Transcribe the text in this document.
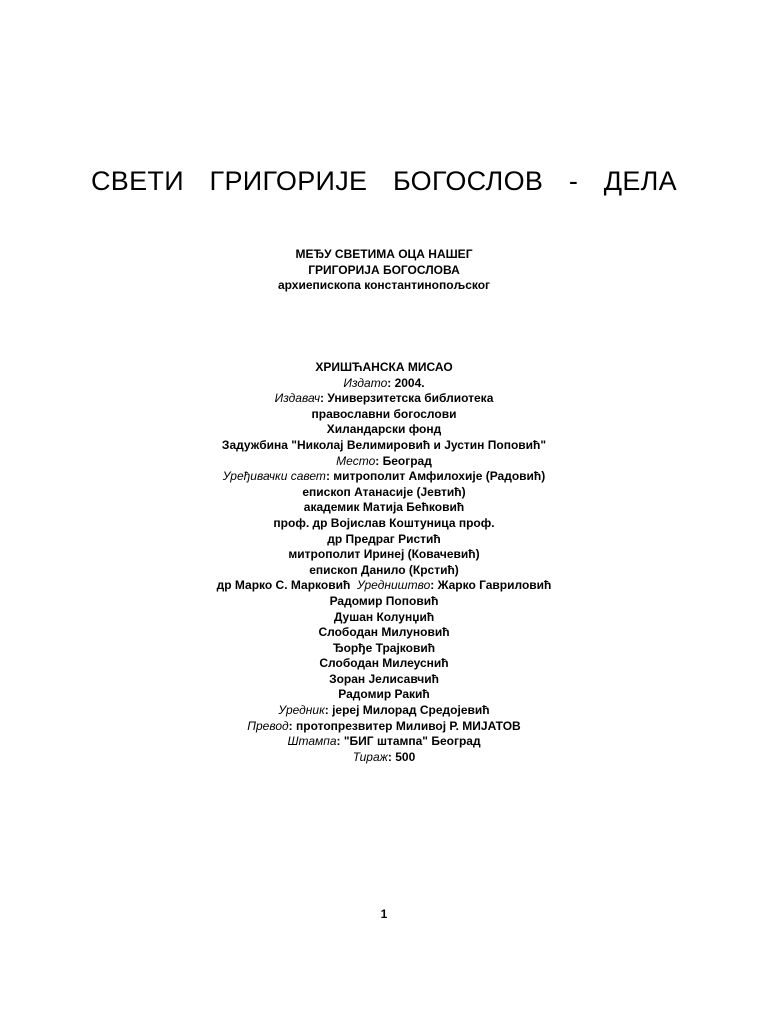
СВЕТИ ГРИГОРИЈЕ БОГОСЛОВ - ДЕЛА
МЕЂУ СВЕТИМА ОЦА НАШЕГ
ГРИГОРИЈА БОГОСЛОВА
архиепископа константинопољског
ХРИШЋАНСКА МИСАО
Издато: 2004.
Издавач: Универзитетска библиотека
православни богослови
Хиландарски фонд
Задужбина "Николај Велимировић и Јустин Поповић"
Место: Београд
Уређивачки савет: митрополит Амфилохије (Радовић)
епископ Атанасије (Јевтић)
академик Матија Бећковић
проф. др Војислав Коштуница проф.
др Предраг Ристић
митрополит Иринеј (Ковачевић)
епископ Данило (Крстић)
др Марко С. Марковић Уредништво: Жарко Гавриловић
Радомир Поповић
Душан Колунџић
Слободан Милуновић
Ђорђе Трајковић
Слободан Милеуснић
Зоран Јелисавчић
Радомир Ракић
Уредник: јереј Милорад Средојевић
Превод: протопрезвитер Миливој Р. МИЈАТОВ
Штампа: "БИГ штампа" Београд
Тираж: 500
1
